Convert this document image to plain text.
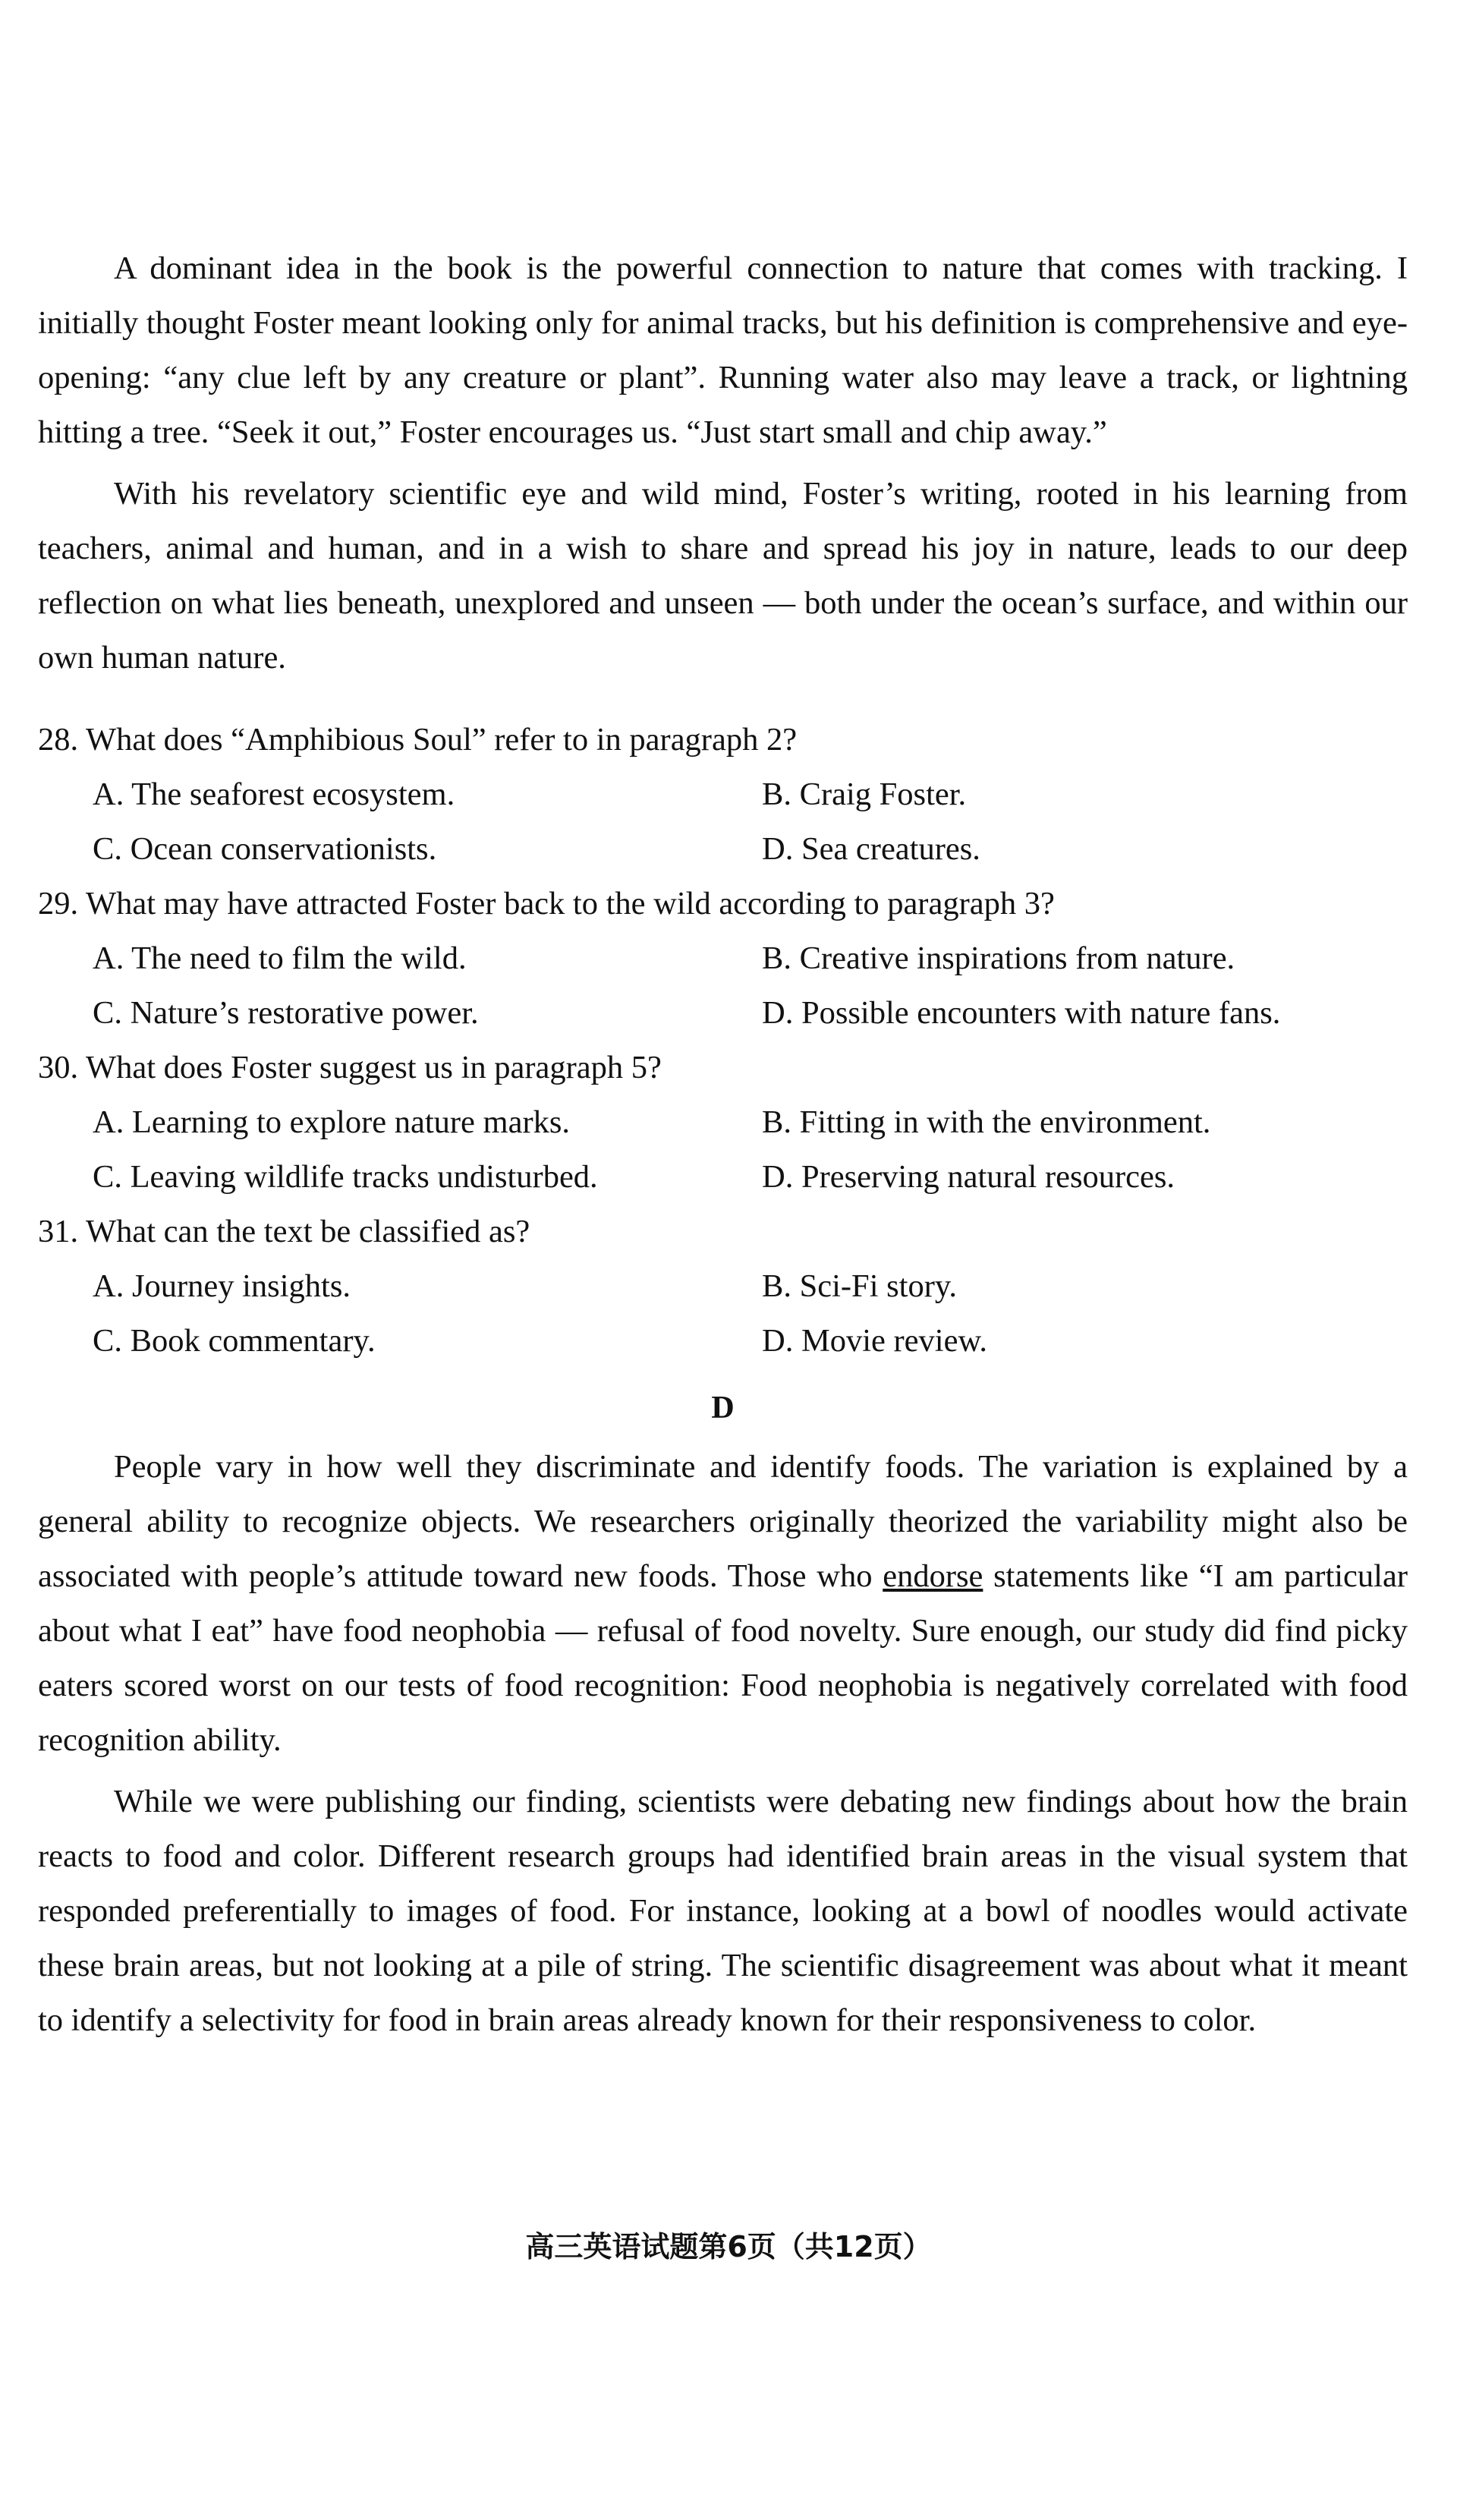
A dominant idea in the book is the powerful connection to nature that comes with tracking. I initially thought Foster meant looking only for animal tracks, but his definition is comprehensive and eye-opening: “any clue left by any creature or plant”. Running water also may leave a track, or lightning hitting a tree. “Seek it out,” Foster encourages us. “Just start small and chip away.”

With his revelatory scientific eye and wild mind, Foster’s writing, rooted in his learning from teachers, animal and human, and in a wish to share and spread his joy in nature, leads to our deep reflection on what lies beneath, unexplored and unseen — both under the ocean’s surface, and within our own human nature.

28. What does “Amphibious Soul” refer to in paragraph 2?

A. The seaforest ecosystem.	B. Craig Foster.
C. Ocean conservationists.	D. Sea creatures.

29. What may have attracted Foster back to the wild according to paragraph 3?

A. The need to film the wild.	B. Creative inspirations from nature.
C. Nature’s restorative power.	D. Possible encounters with nature fans.

30. What does Foster suggest us in paragraph 5?

A. Learning to explore nature marks.	B. Fitting in with the environment.
C. Leaving wildlife tracks undisturbed.	D. Preserving natural resources.

31. What can the text be classified as?

A. Journey insights.	B. Sci-Fi story.
C. Book commentary.	D. Movie review.
D

People vary in how well they discriminate and identify foods. The variation is explained by a general ability to recognize objects. We researchers originally theorized the variability might also be associated with people’s attitude toward new foods. Those who endorse statements like “I am particular about what I eat” have food neophobia — refusal of food novelty. Sure enough, our study did find picky eaters scored worst on our tests of food recognition: Food neophobia is negatively correlated with food recognition ability.

While we were publishing our finding, scientists were debating new findings about how the brain reacts to food and color. Different research groups had identified brain areas in the visual system that responded preferentially to images of food. For instance, looking at a bowl of noodles would activate these brain areas, but not looking at a pile of string. The scientific disagreement was about what it meant to identify a selectivity for food in brain areas already known for their responsiveness to color.

高三英语试题第6页（共12页）
